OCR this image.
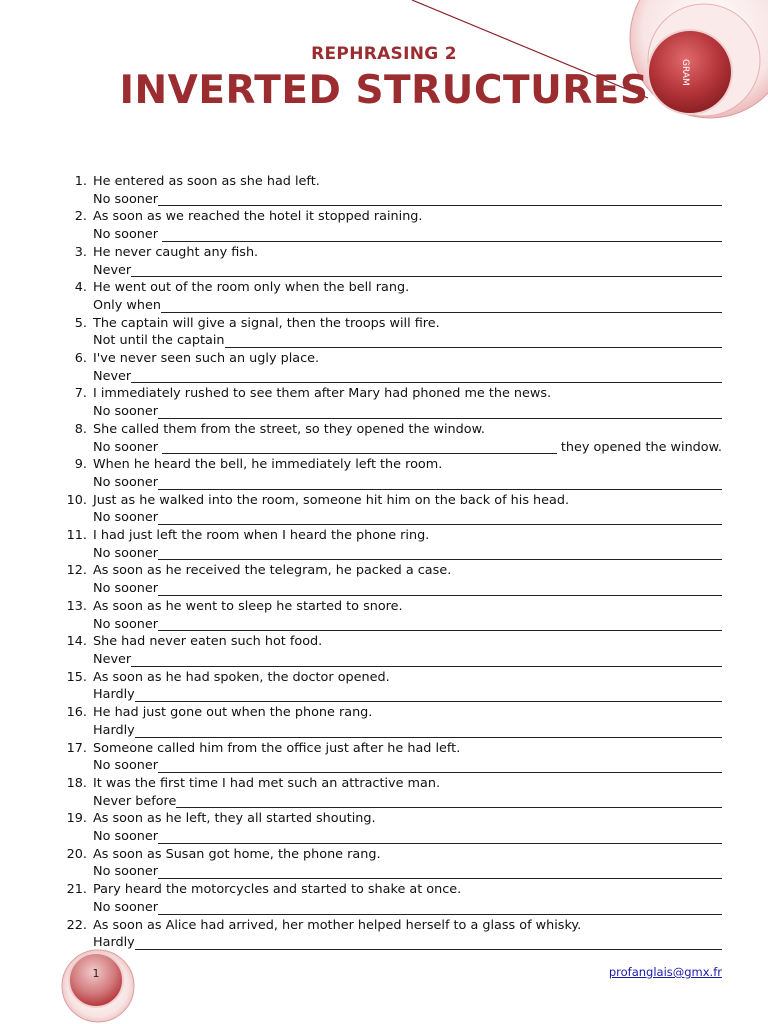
GRAM
REPHRASING 2
INVERTED STRUCTURES
1. He entered as soon as she had left.
No sooner
2. As soon as we reached the hotel it stopped raining.
No sooner
3. He never caught any fish.
Never
4. He went out of the room only when the bell rang.
Only when
5. The captain will give a signal, then the troops will fire.
Not until the captain
6. I've never seen such an ugly place.
Never
7. I immediately rushed to see them after Mary had phoned me the news.
No sooner
8. She called them from the street, so they opened the window.
No sooner	they opened the window.
9. When he heard the bell, he immediately left the room.
No sooner
10. Just as he walked into the room, someone hit him on the back of his head.
No sooner
11. I had just left the room when I heard the phone ring.
No sooner
12. As soon as he received the telegram, he packed a case.
No sooner
13. As soon as he went to sleep he started to snore.
No sooner
14. She had never eaten such hot food.
Never
15. As soon as he had spoken, the doctor opened.
Hardly
16. He had just gone out when the phone rang.
Hardly
17. Someone called him from the office just after he had left.
No sooner
18. It was the first time I had met such an attractive man.
Never before
19. As soon as he left, they all started shouting.
No sooner
20. As soon as Susan got home, the phone rang.
No sooner
21. Pary heard the motorcycles and started to shake at once.
No sooner
22. As soon as Alice had arrived, her mother helped herself to a glass of whisky.
Hardly
1	profanglais@gmx.fr
